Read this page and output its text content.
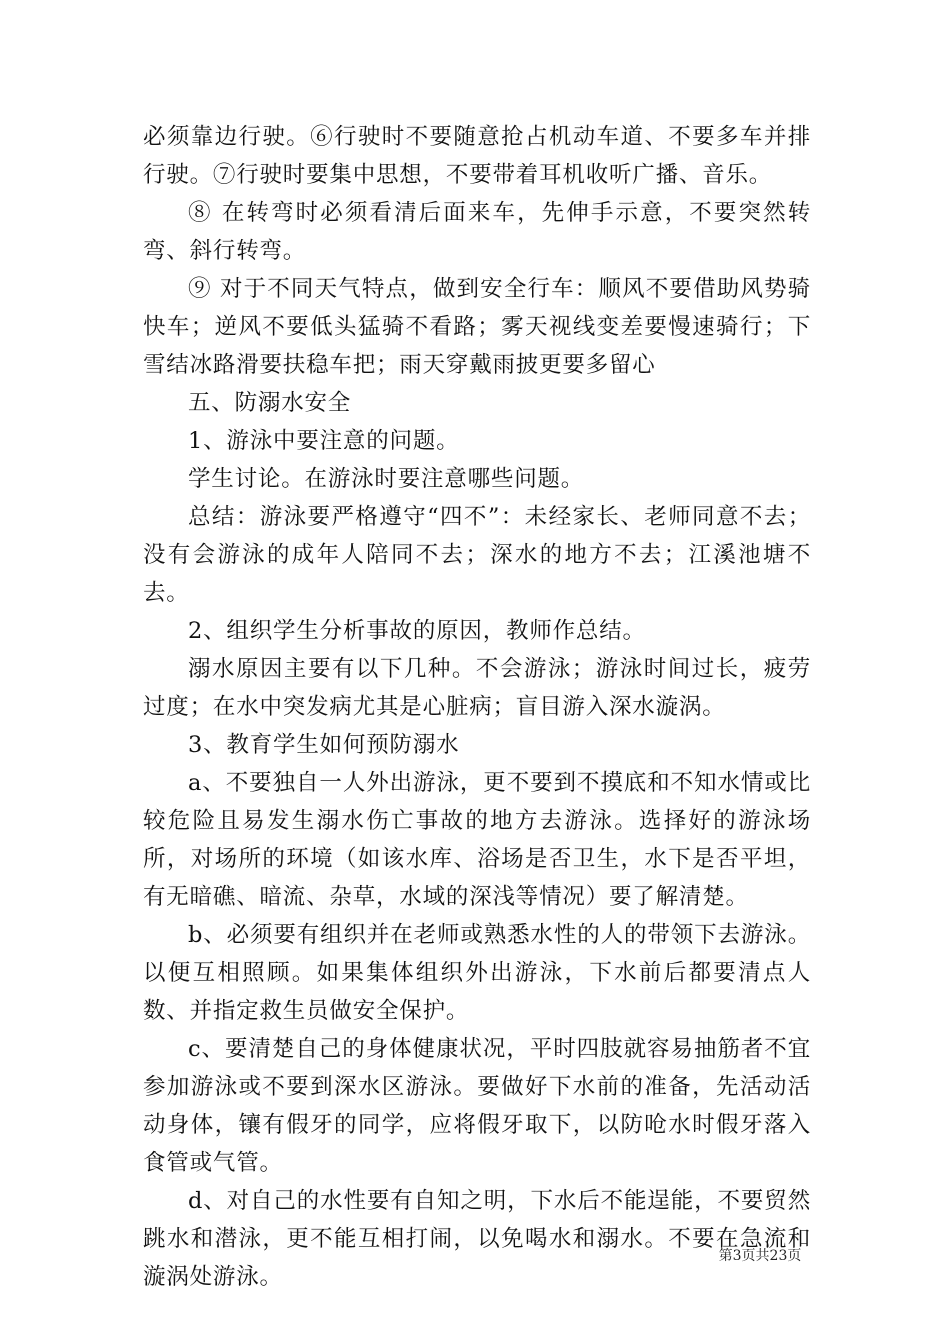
必须靠边行驶。⑥行驶时不要随意抢占机动车道、不要多车并排行驶。⑦行驶时要集中思想，不要带着耳机收听广播、音乐。

⑧ 在转弯时必须看清后面来车，先伸手示意，不要突然转弯、斜行转弯。

⑨ 对于不同天气特点，做到安全行车：顺风不要借助风势骑快车；逆风不要低头猛骑不看路；雾天视线变差要慢速骑行；下雪结冰路滑要扶稳车把；雨天穿戴雨披更要多留心

五、防溺水安全

1、游泳中要注意的问题。

学生讨论。在游泳时要注意哪些问题。

总结：游泳要严格遵守“四不”：未经家长、老师同意不去；没有会游泳的成年人陪同不去；深水的地方不去；江溪池塘不去。

2、组织学生分析事故的原因，教师作总结。

溺水原因主要有以下几种。不会游泳；游泳时间过长，疲劳过度；在水中突发病尤其是心脏病；盲目游入深水漩涡。

3、教育学生如何预防溺水

a、不要独自一人外出游泳，更不要到不摸底和不知水情或比较危险且易发生溺水伤亡事故的地方去游泳。选择好的游泳场所，对场所的环境（如该水库、浴场是否卫生，水下是否平坦，有无暗礁、暗流、杂草，水域的深浅等情况）要了解清楚。

b、必须要有组织并在老师或熟悉水性的人的带领下去游泳。以便互相照顾。如果集体组织外出游泳，下水前后都要清点人数、并指定救生员做安全保护。

c、要清楚自己的身体健康状况，平时四肢就容易抽筋者不宜参加游泳或不要到深水区游泳。要做好下水前的准备，先活动活动身体，镶有假牙的同学，应将假牙取下，以防呛水时假牙落入食管或气管。

d、对自己的水性要有自知之明，下水后不能逞能，不要贸然跳水和潜泳，更不能互相打闹，以免喝水和溺水。不要在急流和漩涡处游泳。

第3页共23页
